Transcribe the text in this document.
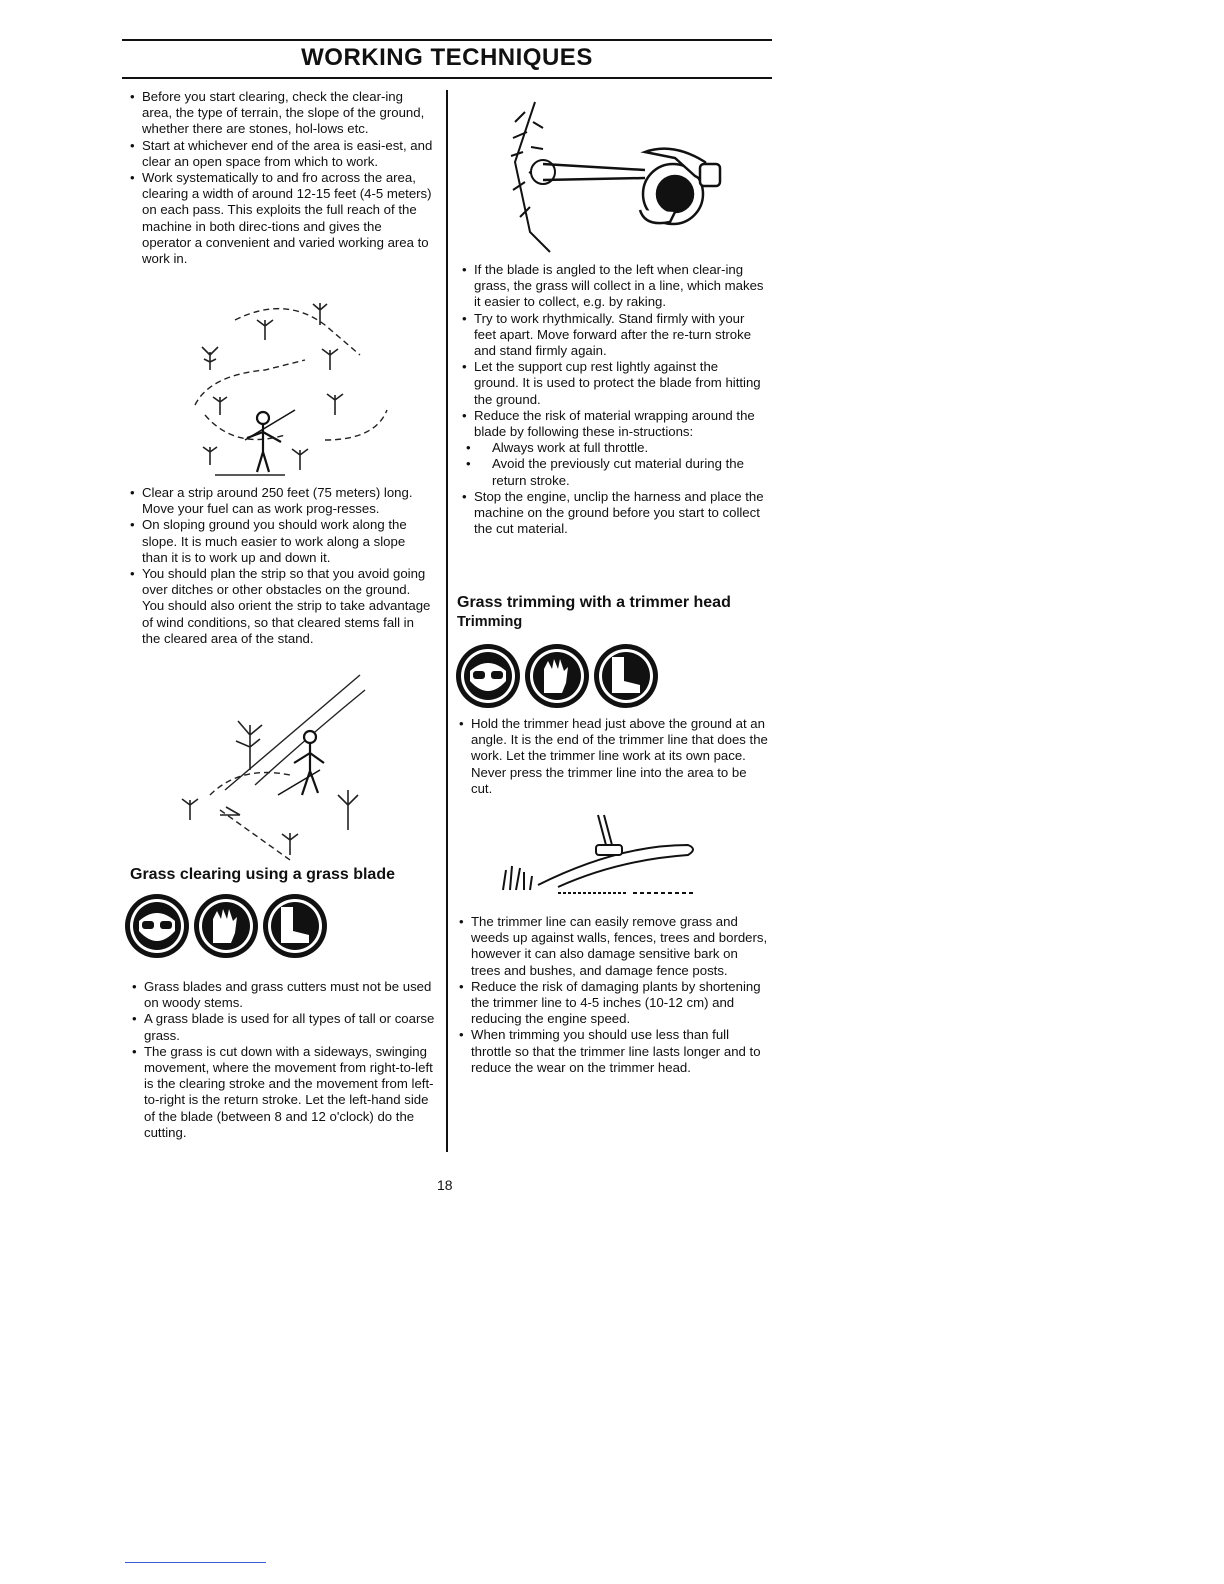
WORKING TECHNIQUES
• Before you start clearing, check the clear-ing area, the type of terrain, the slope of the ground, whether there are stones, hol-lows etc.
• Start at whichever end of the area is easi-est, and clear an open space from which to work.
• Work systematically to and fro across the area, clearing a width of around 12-15 feet (4-5 meters) on each pass. This exploits the full reach of the machine in both direc-tions and gives the operator a convenient and varied working area to work in.
• Clear a strip around 250 feet (75 meters) long. Move your fuel can as work prog-resses.
• On sloping ground you should work along the slope. It is much easier to work along a slope than it is to work up and down it.
• You should plan the strip so that you avoid going over ditches or other obstacles on the ground. You should also orient the strip to take advantage of wind conditions, so that cleared stems fall in the cleared area of the stand.
Grass clearing using a grass blade
• Grass blades and grass cutters must not be used on woody stems.
• A grass blade is used for all types of tall or coarse grass.
• The grass is cut down with a sideways, swinging movement, where the movement from right-to-left is the clearing stroke and the movement from left-to-right is the return stroke. Let the left-hand side of the blade (between 8 and 12 o'clock) do the cutting.
• If the blade is angled to the left when clear-ing grass, the grass will collect in a line, which makes it easier to collect, e.g. by raking.
• Try to work rhythmically. Stand firmly with your feet apart. Move forward after the re-turn stroke and stand firmly again.
• Let the support cup rest lightly against the ground. It is used to protect the blade from hitting the ground.
• Reduce the risk of material wrapping around the blade by following these in-structions:
• Always work at full throttle.
• Avoid the previously cut material during the return stroke.
• Stop the engine, unclip the harness and place the machine on the ground before you start to collect the cut material.
Grass trimming with a trimmer head
Trimming
• Hold the trimmer head just above the ground at an angle. It is the end of the trimmer line that does the work. Let the trimmer line work at its own pace. Never press the trimmer line into the area to be cut.
• The trimmer line can easily remove grass and weeds up against walls, fences, trees and borders, however it can also damage sensitive bark on trees and bushes, and damage fence posts.
• Reduce the risk of damaging plants by shortening the trimmer line to 4-5 inches (10-12 cm) and reducing the engine speed.
• When trimming you should use less than full throttle so that the trimmer line lasts longer and to reduce the wear on the trimmer head.
18
